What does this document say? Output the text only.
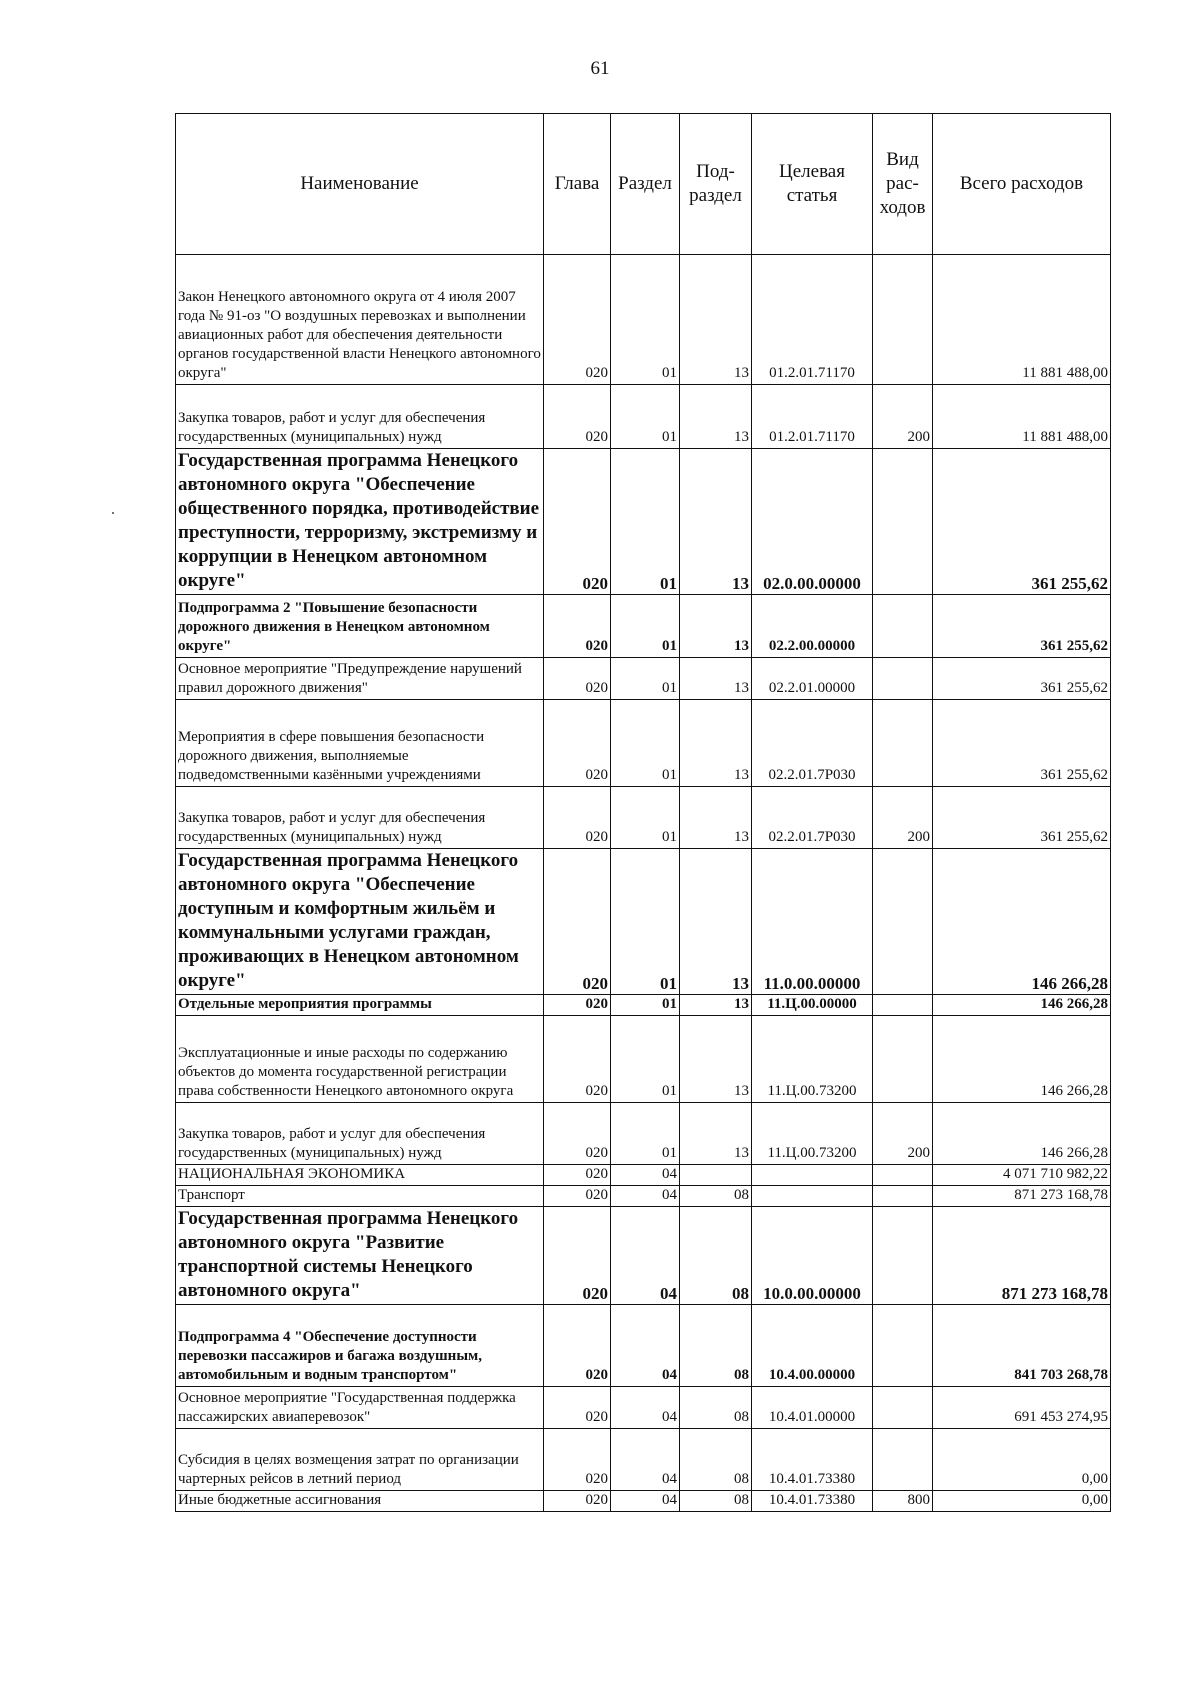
61
Наименование	Глава	Раздел	Под-раздел	Целевая статья	Вид рас-ходов	Всего расходов
Закон Ненецкого автономного округа от 4 июля 2007 года № 91-оз "О воздушных перевозках и выполнении авиационных работ для обеспечения деятельности органов государственной власти Ненецкого автономного округа"	020	01	13	01.2.01.71170		11 881 488,00
Закупка товаров, работ и услуг для обеспечения государственных (муниципальных) нужд	020	01	13	01.2.01.71170	200	11 881 488,00
Государственная программа Ненецкого автономного округа "Обеспечение общественного порядка, противодействие преступности, терроризму, экстремизму и коррупции в Ненецком автономном округе"	020	01	13	02.0.00.00000		361 255,62
Подпрограмма 2 "Повышение безопасности дорожного движения в Ненецком автономном округе"	020	01	13	02.2.00.00000		361 255,62
Основное мероприятие "Предупреждение нарушений правил дорожного движения"	020	01	13	02.2.01.00000		361 255,62
Мероприятия в сфере повышения безопасности дорожного движения, выполняемые подведомственными казёнными учреждениями	020	01	13	02.2.01.7Р030		361 255,62
Закупка товаров, работ и услуг для обеспечения государственных (муниципальных) нужд	020	01	13	02.2.01.7Р030	200	361 255,62
Государственная программа Ненецкого автономного округа "Обеспечение доступным и комфортным жильём и коммунальными услугами граждан, проживающих в Ненецком автономном округе"	020	01	13	11.0.00.00000		146 266,28
Отдельные мероприятия программы	020	01	13	11.Ц.00.00000		146 266,28
Эксплуатационные и иные расходы по содержанию объектов до момента государственной регистрации права собственности Ненецкого автономного округа	020	01	13	11.Ц.00.73200		146 266,28
Закупка товаров, работ и услуг для обеспечения государственных (муниципальных) нужд	020	01	13	11.Ц.00.73200	200	146 266,28
НАЦИОНАЛЬНАЯ ЭКОНОМИКА	020	04				4 071 710 982,22
Транспорт	020	04	08			871 273 168,78
Государственная программа Ненецкого автономного округа "Развитие транспортной системы Ненецкого автономного округа"	020	04	08	10.0.00.00000		871 273 168,78
Подпрограмма 4 "Обеспечение доступности перевозки пассажиров и багажа воздушным, автомобильным и водным транспортом"	020	04	08	10.4.00.00000		841 703 268,78
Основное мероприятие "Государственная поддержка пассажирских авиаперевозок"	020	04	08	10.4.01.00000		691 453 274,95
Субсидия в целях возмещения затрат по организации чартерных рейсов в летний период	020	04	08	10.4.01.73380		0,00
Иные бюджетные ассигнования	020	04	08	10.4.01.73380	800	0,00
